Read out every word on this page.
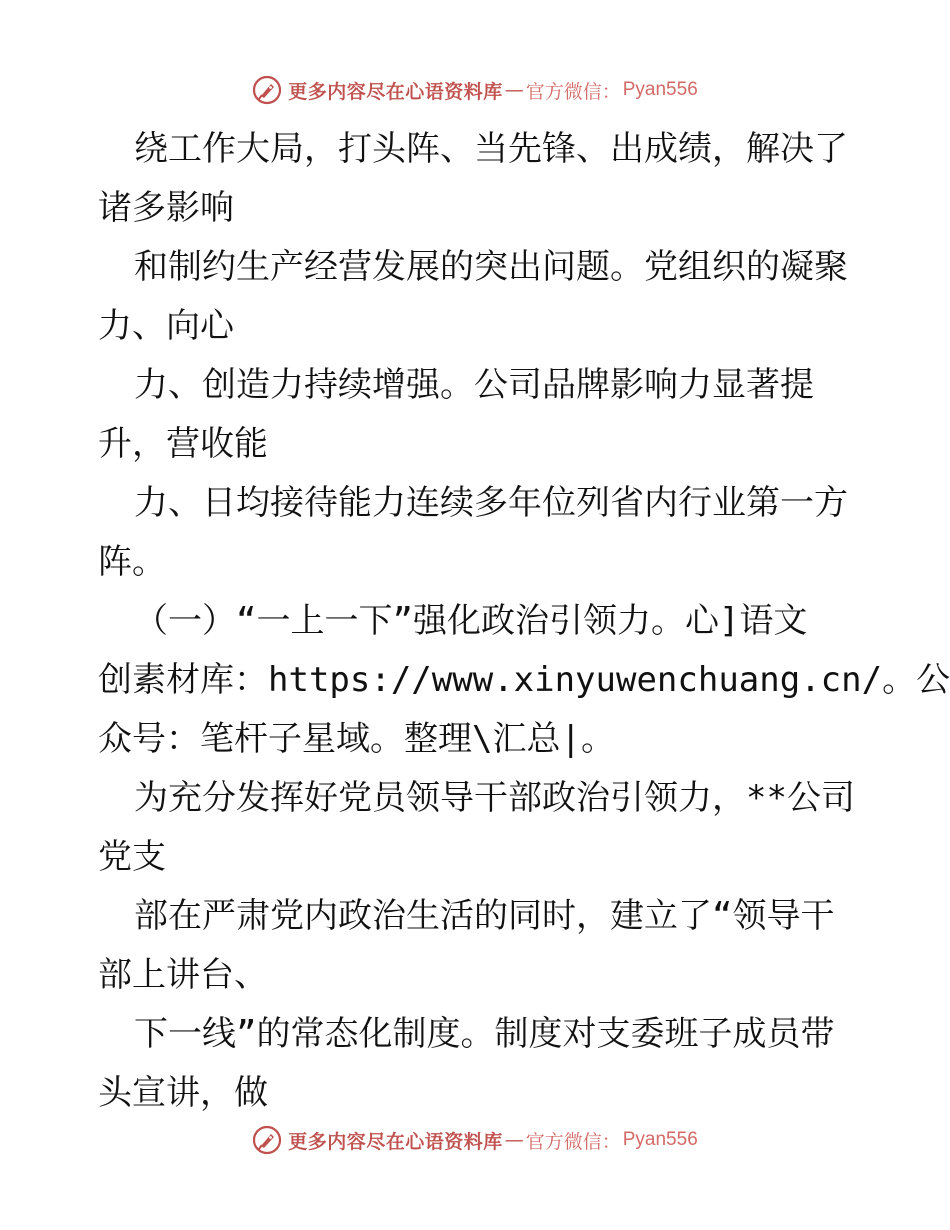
更多内容尽在心语资料库 — 官方微信： Pyan556
绕工作大局，打头阵、当先锋、出成绩，解决了
诸多影响
和制约生产经营发展的突出问题。党组织的凝聚
力、向心
力、创造力持续增强。公司品牌影响力显著提
升，营收能
力、日均接待能力连续多年位列省内行业第一方
阵。
（一）“一上一下”强化政治引领力。心]语文
创素材库：https://www.xinyuwenchuang.cn/。公
众号：笔杆子星域。整理\汇总|。
为充分发挥好党员领导干部政治引领力，**公司
党支
部在严肃党内政治生活的同时，建立了“领导干
部上讲台、
下一线”的常态化制度。制度对支委班子成员带
头宣讲，做
更多内容尽在心语资料库 — 官方微信： Pyan556
